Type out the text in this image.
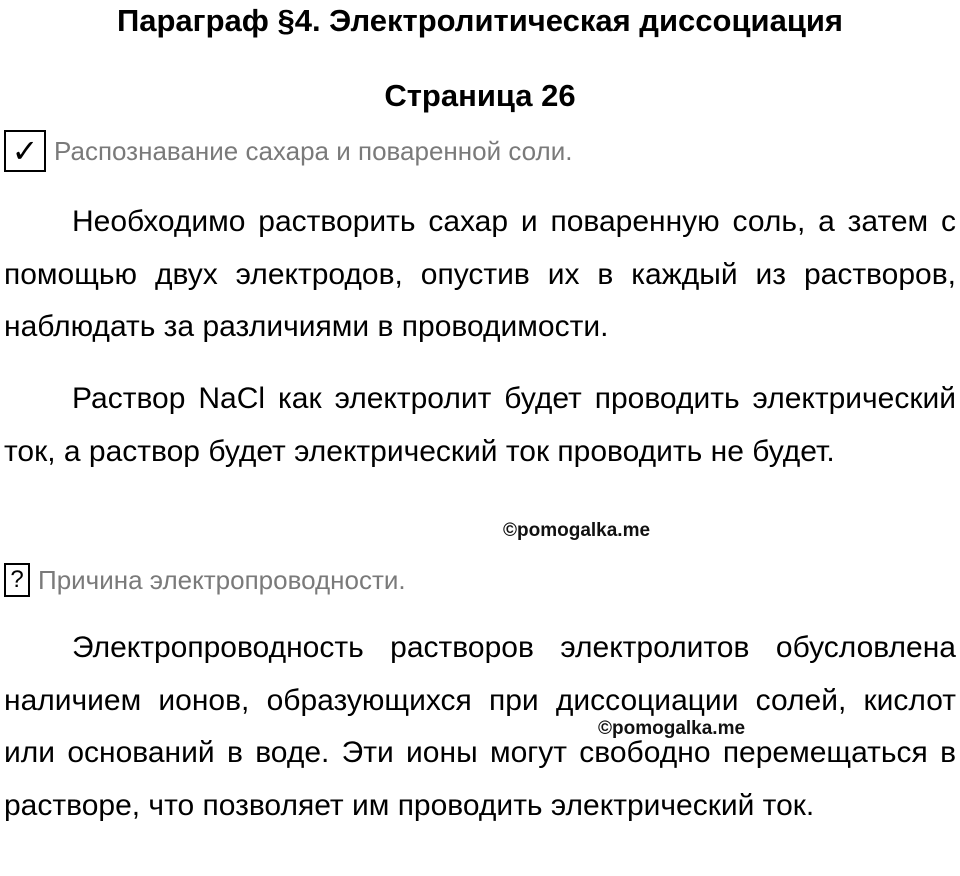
Параграф §4. Электролитическая диссоциация
Страница 26
✓ Распознавание сахара и поваренной соли.

Необходимо растворить сахар и поваренную соль, а затем с помощью двух электродов, опустив их в каждый из растворов, наблюдать за различиями в проводимости.

Раствор NaCl как электролит будет проводить электрический ток, а раствор будет электрический ток проводить не будет.

©pomogalka.me
? Причина электропроводности.

Электропроводность растворов электролитов обусловлена наличием ионов, образующихся при диссоциации солей, кислот или оснований в воде. Эти ионы могут свободно перемещаться в растворе, что позволяет им проводить электрический ток.

©pomogalka.me
